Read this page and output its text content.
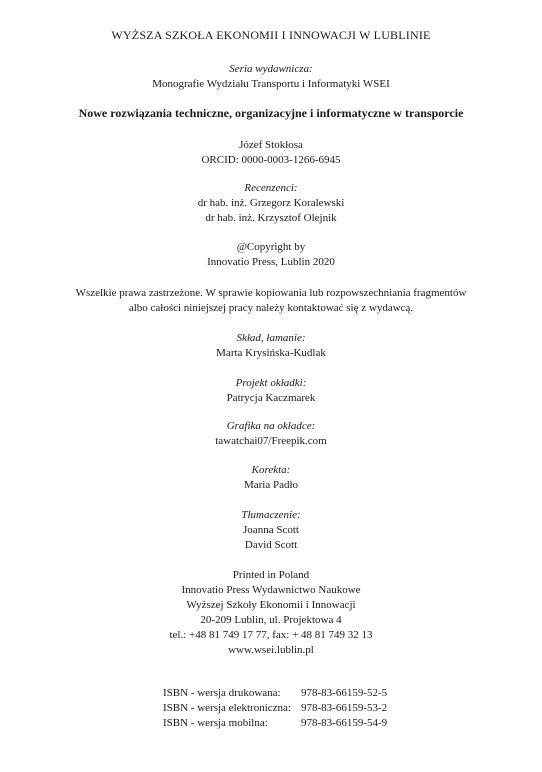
WYŻSZA SZKOŁA EKONOMII I INNOWACJI W LUBLINIE
Seria wydawnicza:
Monografie Wydziału Transportu i Informatyki WSEI
Nowe rozwiązania techniczne, organizacyjne i informatyczne w transporcie
Józef Stokłosa
ORCID: 0000-0003-1266-6945
Recenzenci:
dr hab. inż. Grzegorz Koralewski
dr hab. inż. Krzysztof Olejnik
@Copyright by
Innovatio Press, Lublin 2020
Wszelkie prawa zastrzeżone. W sprawie kopiowania lub rozpowszechniania fragmentów
albo całości niniejszej pracy należy kontaktować się z wydawcą.
Skład, łamanie:
Marta Krysińska-Kudlak
Projekt okładki:
Patrycja Kaczmarek
Grafika na okładce:
tawatchai07/Freepik.com
Korekta:
Maria Padło
Tłumaczenie:
Joanna Scott
David Scott
Printed in Poland
Innovatio Press Wydawnictwo Naukowe
Wyższej Szkoły Ekonomii i Innowacji
20-209 Lublin, ul. Projektowa 4
tel.: +48 81 749 17 77, fax: + 48 81 749 32 13
www.wsei.lublin.pl
ISBN - wersja drukowana:	978-83-66159-52-5
ISBN - wersja elektroniczna: 978-83-66159-53-2
ISBN - wersja mobilna:	978-83-66159-54-9
